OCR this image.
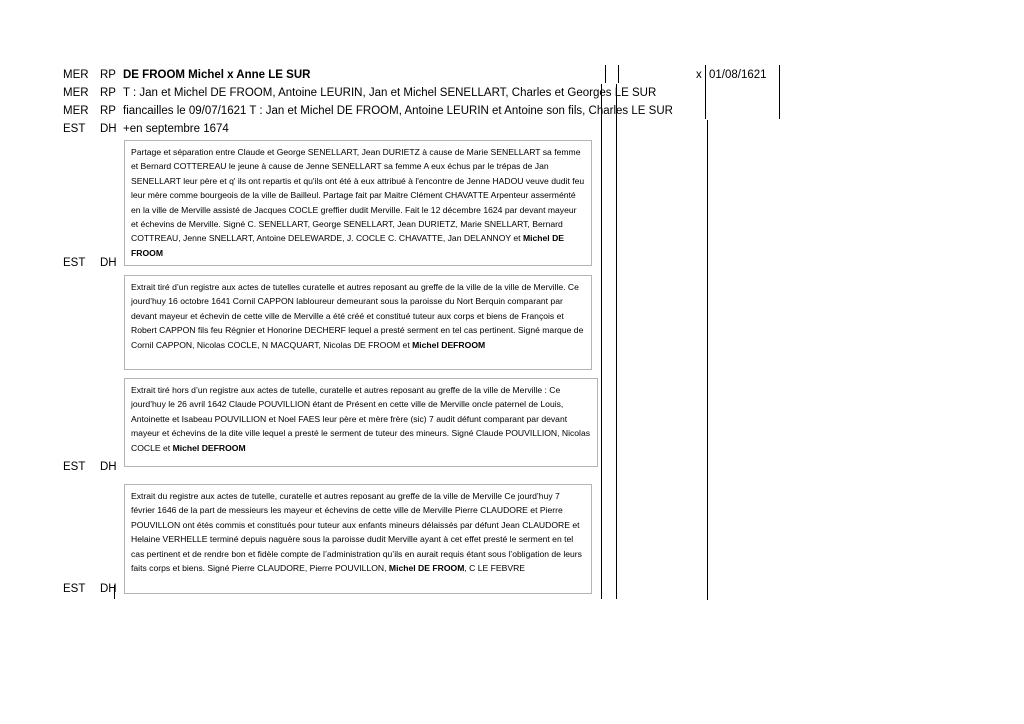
MER RP DE FROOM Michel x Anne LE SUR	x 01/08/1621
MER RP T : Jan et Michel DE FROOM, Antoine LEURIN, Jan et Michel SENELLART, Charles et Georges LE SUR
MER RP fiancailles le 09/07/1621 T : Jan et Michel DE FROOM, Antoine LEURIN et Antoine son fils, Charles LE SUR
EST DH +en septembre 1674

Partage et séparation entre Claude et George SENELLART, Jean DURIETZ à cause de Marie SENELLART sa femme et Bernard COTTEREAU le jeune à cause de Jenne SENELLART sa femme A eux échus par le trépas de Jan SENELLART leur père et q' ils ont repartis et qu'ils ont été à eux attribué à l'encontre de Jenne HADOU veuve dudit feu leur mère comme bourgeois de la ville de Bailleul. Partage fait par Maitre Clément CHAVATTE Arpenteur asserménté en la ville de Merville assisté de Jacques COCLE greffier dudit Merville. Fait le 12 décembre 1624 par devant mayeur et échevins de Merville. Signé C. SENELLART, George SENELLART, Jean DURIETZ, Marie SNELLART, Bernard COTTREAU, Jenne SNELLART, Antoine DELEWARDE, J. COCLE C. CHAVATTE, Jan DELANNOY et Michel DE FROOM

EST DH

Extrait tiré d’un registre aux actes de tutelles curatelle et autres reposant au greffe de la ville de la ville de Merville. Ce jourd’huy 16 octobre 1641 Cornil CAPPON labloureur demeurant sous la paroisse du Nort Berquin comparant par devant mayeur et échevin de cette ville de Merville a été créé et constitué tuteur aux corps et biens de François et Robert CAPPON fils feu Régnier et Honorine DECHERF lequel a presté serment en tel cas pertinent. Signé marque de Cornil CAPPON, Nicolas COCLE, N MACQUART, Nicolas DE FROOM et Michel DEFROOM

Extrait tiré hors d’un registre aux actes de tutelle, curatelle et autres reposant au greffe de la ville de Merville : Ce jourd’huy le 26 avril 1642 Claude POUVILLION étant de Présent en cette ville de Merville oncle paternel de Louis, Antoinette et Isabeau POUVILLION et Noel FAES leur père et mère frère (sic) 7 audit défunt comparant par devant mayeur et échevins de la dite ville lequel a presté le serment de tuteur des mineurs. Signé Claude POUVILLION, Nicolas COCLE et Michel DEFROOM

EST DH

Extrait du registre aux actes de tutelle, curatelle et autres reposant au greffe de la ville de Merville Ce jourd’huy 7 février 1646 de la part de messieurs les mayeur et échevins de cette ville de Merville Pierre CLAUDORE et Pierre POUVILLON ont étés commis et constitués pour tuteur aux enfants mineurs délaissés par défunt Jean CLAUDORE et Helaine VERHELLE terminé depuis naguère sous la paroisse dudit Merville ayant à cet effet presté le serment en tel cas pertinent et de rendre bon et fidèle compte de l’administration qu’ils en aurait requis étant sous l’obligation de leurs faits corps et biens. Signé Pierre CLAUDORE, Pierre POUVILLON, Michel DE FROOM, C LE FEBVRE

EST DH
